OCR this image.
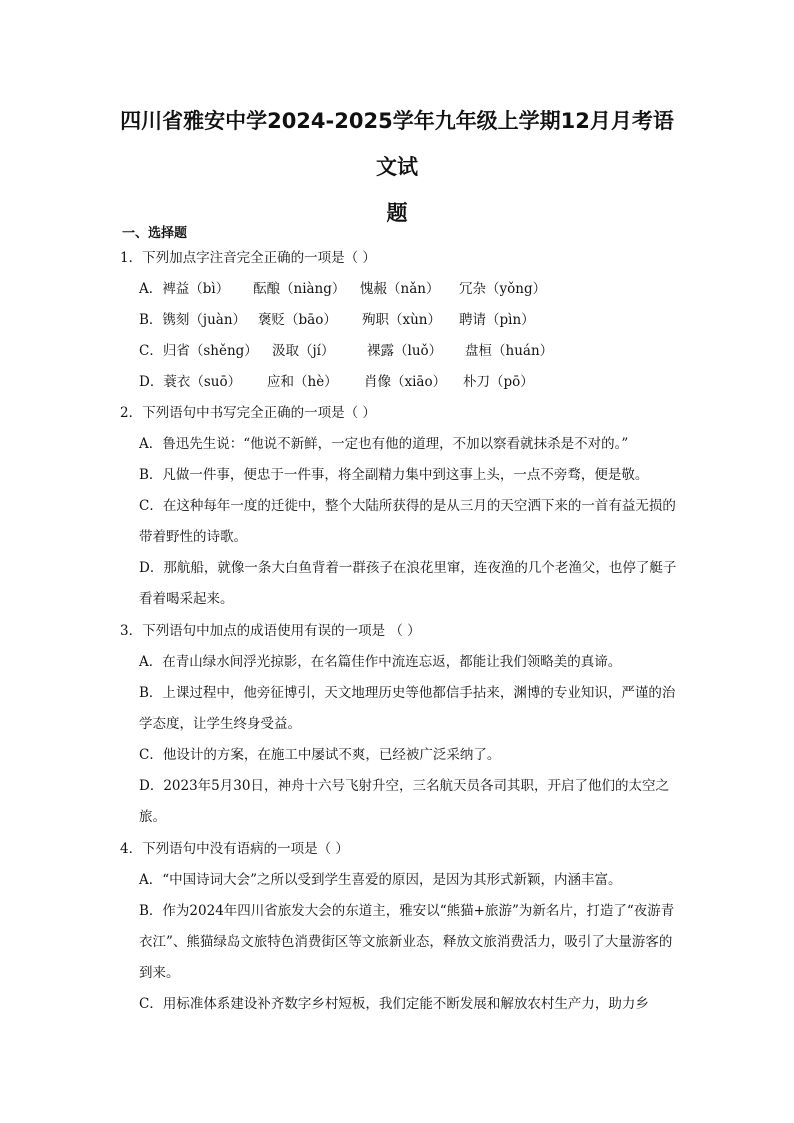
四川省雅安中学2024-2025学年九年级上学期12月月考语文试
题
一、选择题
1．下列加点字注音完全正确的一项是（ ）
A．裨益（bì） 酝酿（niàng） 愧赧（nǎn） 冗杂（yǒng）
B．镌刻（juàn） 褒贬（bāo） 殉职（xùn） 聘请（pìn）
C．归省（shěng） 汲取（jí） 裸露（luǒ） 盘桓（huán）
D．蓑衣（suō） 应和（hè） 肖像（xiāo） 朴刀（pō）
2．下列语句中书写完全正确的一项是（ ）
A．鲁迅先生说：“他说不新鲜，一定也有他的道理，不加以察看就抹杀是不对的。”
B．凡做一件事，便忠于一件事，将全副精力集中到这事上头，一点不旁骛，便是敬。
C．在这种每年一度的迁徙中，整个大陆所获得的是从三月的天空洒下来的一首有益无损的带着野性的诗歌。
D．那航船，就像一条大白鱼背着一群孩子在浪花里窜，连夜渔的几个老渔父，也停了艇子看着喝采起来。
3．下列语句中加点的成语使用有误的一项是 （ ）
A．在青山绿水间浮光掠影，在名篇佳作中流连忘返，都能让我们领略美的真谛。
B．上课过程中，他旁征博引，天文地理历史等他都信手拈来，渊博的专业知识，严谨的治学态度，让学生终身受益。
C．他设计的方案，在施工中屡试不爽，已经被广泛采纳了。
D．2023年5月30日，神舟十六号飞射升空，三名航天员各司其职，开启了他们的太空之旅。
4．下列语句中没有语病的一项是（ ）
A．“中国诗词大会”之所以受到学生喜爱的原因，是因为其形式新颖，内涵丰富。
B．作为2024年四川省旅发大会的东道主，雅安以“熊猫+旅游”为新名片，打造了“夜游青衣江”、熊猫绿岛文旅特色消费街区等文旅新业态，释放文旅消费活力，吸引了大量游客的到来。
C．用标准体系建设补齐数字乡村短板，我们定能不断发展和解放农村生产力，助力乡
